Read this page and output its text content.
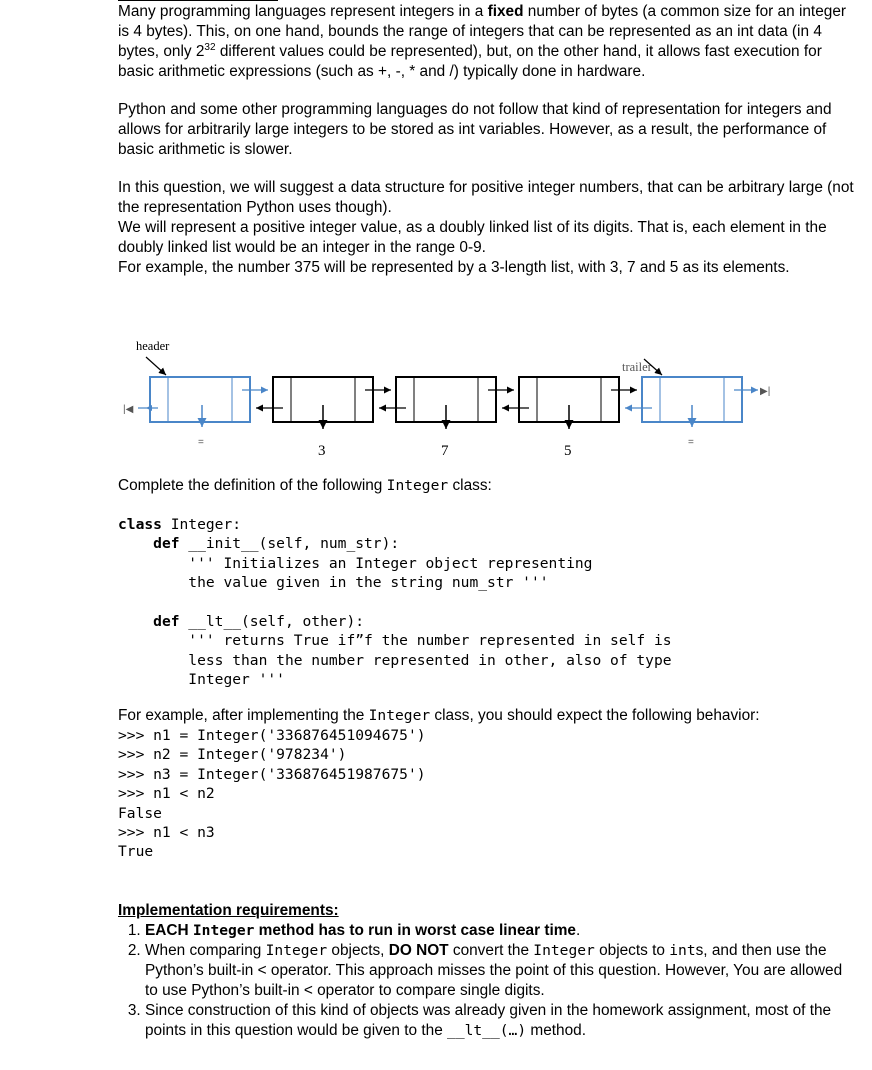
Many programming languages represent integers in a fixed number of bytes (a common size for an integer is 4 bytes). This, on one hand, bounds the range of integers that can be represented as an int data (in 4 bytes, only $2^{32}$ different values could be represented), but, on the other hand, it allows fast execution for basic arithmetic expressions (such as +, -, * and /) typically done in hardware.

Python and some other programming languages do not follow that kind of representation for integers and allows for arbitrarily large integers to be stored as int variables. However, as a result, the performance of basic arithmetic is slower.

In this question, we will suggest a data structure for positive integer numbers, that can be arbitrary large (not the representation Python uses though).
We will represent a positive integer value, as a doubly linked list of its digits. That is, each element in the doubly linked list would be an integer in the range 0-9.
For example, the number 375 will be represented by a 3-length list, with 3, 7 and 5 as its elements.

header
trailer
=
|◀
3	7	5
=
▶|

Complete the definition of the following Integer class:

class Integer:
def __init__(self, num_str):
''' Initializes an Integer object representing
the value given in the string num_str '''

def __lt__(self, other):
''' returns True if”f the number represented in self is
less than the number represented in other, also of type
Integer '''

For example, after implementing the Integer class, you should expect the following behavior:

>>> n1 = Integer('336876451094675')
>>> n2 = Integer('978234')
>>> n3 = Integer('336876451987675')
>>> n1 < n2
False
>>> n1 < n3
True

Implementation requirements:

1. EACH Integer method has to run in worst case linear time.
2. When comparing Integer objects, DO NOT convert the Integer objects to ints, and then use the Python’s built-in < operator. This approach misses the point of this question. However, You are allowed to use Python’s built-in < operator to compare single digits.
3. Since construction of this kind of objects was already given in the homework assignment, most of the points in this question would be given to the __lt__(…) method.
